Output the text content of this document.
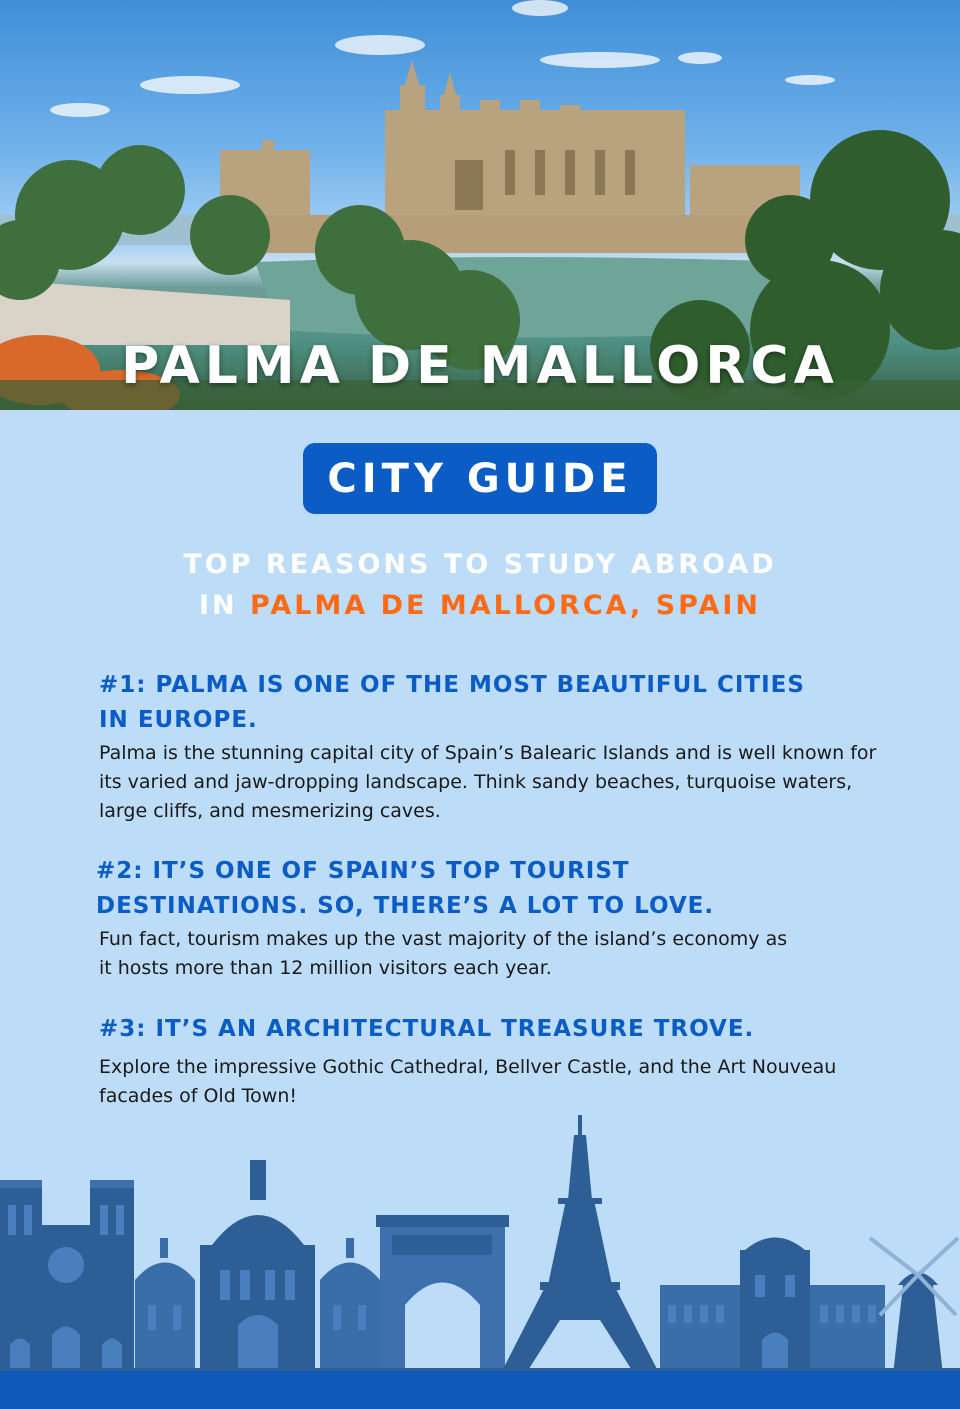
PALMA DE MALLORCA
CITY GUIDE
TOP REASONS TO STUDY ABROAD
IN PALMA DE MALLORCA, SPAIN
#1: PALMA IS ONE OF THE MOST BEAUTIFUL CITIES
IN EUROPE.
Palma is the stunning capital city of Spain’s Balearic Islands and is well known for its varied and jaw-dropping landscape. Think sandy beaches, turquoise waters, large cliffs, and mesmerizing caves.
#2: IT’S ONE OF SPAIN’S TOP TOURIST
DESTINATIONS. SO, THERE’S A LOT TO LOVE.
Fun fact, tourism makes up the vast majority of the island’s economy as it hosts more than 12 million visitors each year.
#3: IT’S AN ARCHITECTURAL TREASURE TROVE.
Explore the impressive Gothic Cathedral, Bellver Castle, and the Art Nouveau facades of Old Town!
